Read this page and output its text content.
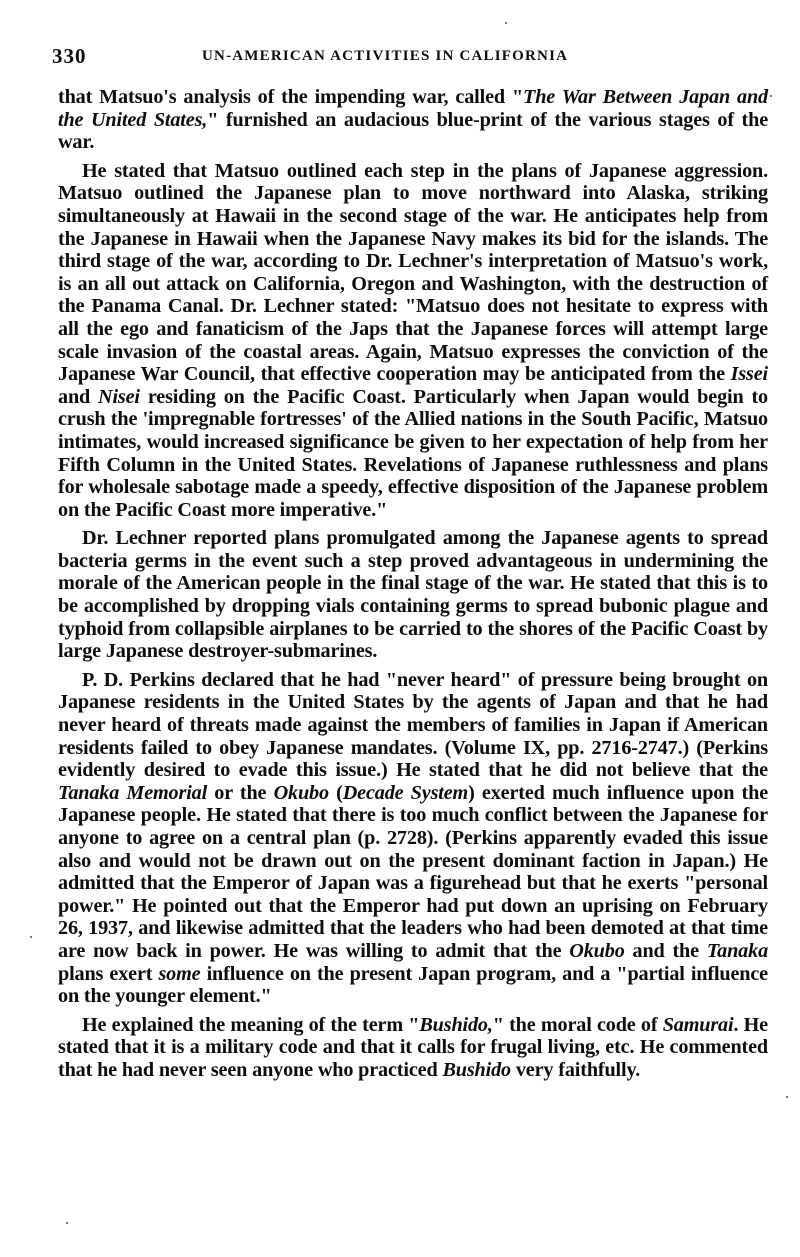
330	UN-AMERICAN ACTIVITIES IN CALIFORNIA

that Matsuo's analysis of the impending war, called "The War Between Japan and the United States," furnished an audacious blue-print of the various stages of the war.

He stated that Matsuo outlined each step in the plans of Japanese aggression. Matsuo outlined the Japanese plan to move northward into Alaska, striking simultaneously at Hawaii in the second stage of the war. He anticipates help from the Japanese in Hawaii when the Japanese Navy makes its bid for the islands. The third stage of the war, according to Dr. Lechner's interpretation of Matsuo's work, is an all out attack on California, Oregon and Washington, with the destruction of the Panama Canal. Dr. Lechner stated: "Matsuo does not hesitate to express with all the ego and fanaticism of the Japs that the Japanese forces will attempt large scale invasion of the coastal areas. Again, Matsuo expresses the conviction of the Japanese War Council, that effective cooperation may be anticipated from the Issei and Nisei residing on the Pacific Coast. Particularly when Japan would begin to crush the 'impregnable fortresses' of the Allied nations in the South Pacific, Matsuo intimates, would increased significance be given to her expectation of help from her Fifth Column in the United States. Revelations of Japanese ruthlessness and plans for wholesale sabotage made a speedy, effective disposition of the Japanese problem on the Pacific Coast more imperative."

Dr. Lechner reported plans promulgated among the Japanese agents to spread bacteria germs in the event such a step proved advantageous in undermining the morale of the American people in the final stage of the war. He stated that this is to be accomplished by dropping vials containing germs to spread bubonic plague and typhoid from collapsible airplanes to be carried to the shores of the Pacific Coast by large Japanese destroyer-submarines.

P. D. Perkins declared that he had "never heard" of pressure being brought on Japanese residents in the United States by the agents of Japan and that he had never heard of threats made against the members of families in Japan if American residents failed to obey Japanese mandates. (Volume IX, pp. 2716-2747.) (Perkins evidently desired to evade this issue.) He stated that he did not believe that the Tanaka Memorial or the Okubo (Decade System) exerted much influence upon the Japanese people. He stated that there is too much conflict between the Japanese for anyone to agree on a central plan (p. 2728). (Perkins apparently evaded this issue also and would not be drawn out on the present dominant faction in Japan.) He admitted that the Emperor of Japan was a figurehead but that he exerts "personal power." He pointed out that the Emperor had put down an uprising on February 26, 1937, and likewise admitted that the leaders who had been demoted at that time are now back in power. He was willing to admit that the Okubo and the Tanaka plans exert some influence on the present Japan program, and a "partial influence on the younger element."

He explained the meaning of the term "Bushido," the moral code of Samurai. He stated that it is a military code and that it calls for frugal living, etc. He commented that he had never seen anyone who practiced Bushido very faithfully.
